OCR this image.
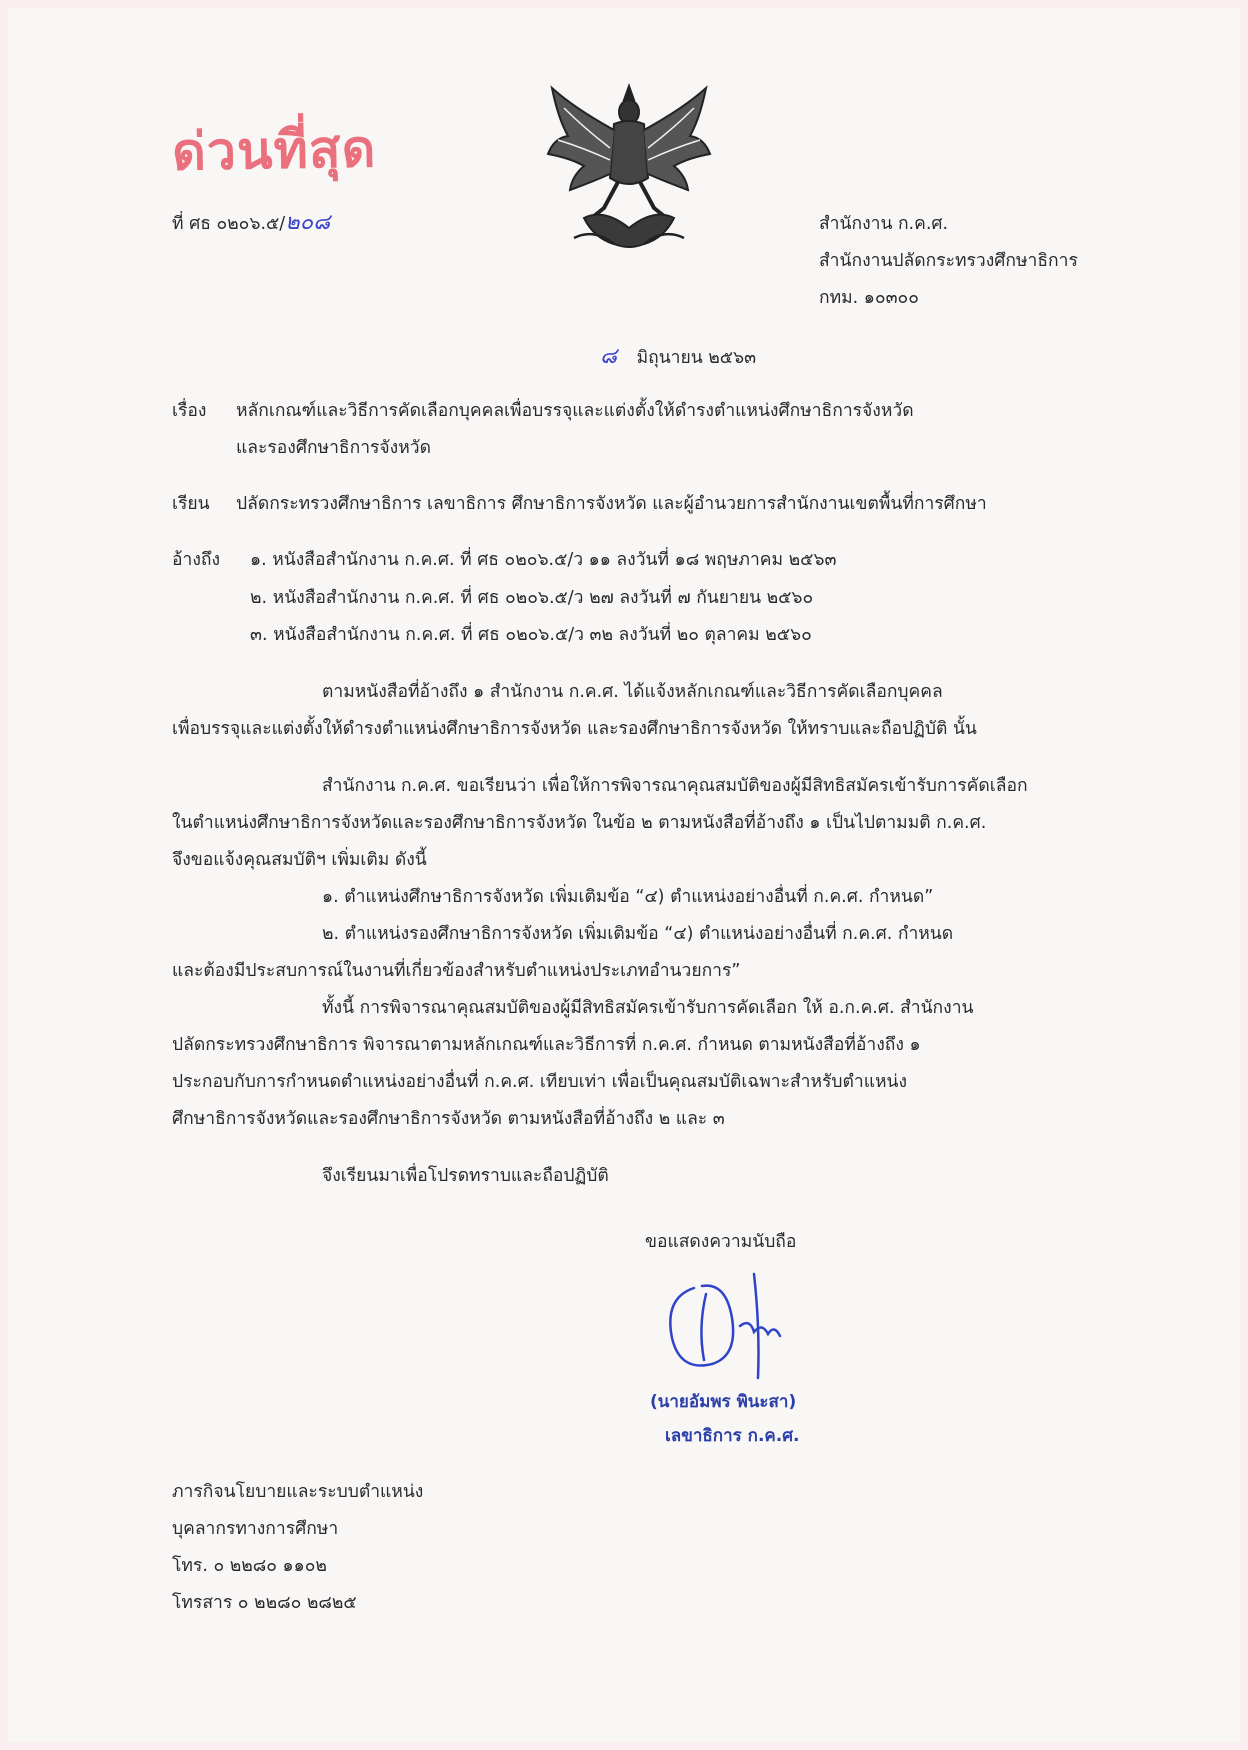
ด่วนที่สุด
ที่ ศธ ๐๒๐๖.๕/๒๐๘	สำนักงาน ก.ค.ศ.
สำนักงานปลัดกระทรวงศึกษาธิการ
กทม. ๑๐๓๐๐
๘ มิถุนายน ๒๕๖๓
เรื่อง หลักเกณฑ์และวิธีการคัดเลือกบุคคลเพื่อบรรจุและแต่งตั้งให้ดำรงตำแหน่งศึกษาธิการจังหวัด
และรองศึกษาธิการจังหวัด
เรียน ปลัดกระทรวงศึกษาธิการ เลขาธิการ ศึกษาธิการจังหวัด และผู้อำนวยการสำนักงานเขตพื้นที่การศึกษา
อ้างถึง ๑. หนังสือสำนักงาน ก.ค.ศ. ที่ ศธ ๐๒๐๖.๕/ว ๑๑ ลงวันที่ ๑๘ พฤษภาคม ๒๕๖๓
๒. หนังสือสำนักงาน ก.ค.ศ. ที่ ศธ ๐๒๐๖.๕/ว ๒๗ ลงวันที่ ๗ กันยายน ๒๕๖๐
๓. หนังสือสำนักงาน ก.ค.ศ. ที่ ศธ ๐๒๐๖.๕/ว ๓๒ ลงวันที่ ๒๐ ตุลาคม ๒๕๖๐
ตามหนังสือที่อ้างถึง ๑ สำนักงาน ก.ค.ศ. ได้แจ้งหลักเกณฑ์และวิธีการคัดเลือกบุคคล
เพื่อบรรจุและแต่งตั้งให้ดำรงตำแหน่งศึกษาธิการจังหวัด และรองศึกษาธิการจังหวัด ให้ทราบและถือปฏิบัติ นั้น
สำนักงาน ก.ค.ศ. ขอเรียนว่า เพื่อให้การพิจารณาคุณสมบัติของผู้มีสิทธิสมัครเข้ารับการคัดเลือก
ในตำแหน่งศึกษาธิการจังหวัดและรองศึกษาธิการจังหวัด ในข้อ ๒ ตามหนังสือที่อ้างถึง ๑ เป็นไปตามมติ ก.ค.ศ.
จึงขอแจ้งคุณสมบัติฯ เพิ่มเติม ดังนี้
๑. ตำแหน่งศึกษาธิการจังหวัด เพิ่มเติมข้อ “๔) ตำแหน่งอย่างอื่นที่ ก.ค.ศ. กำหนด”
๒. ตำแหน่งรองศึกษาธิการจังหวัด เพิ่มเติมข้อ “๔) ตำแหน่งอย่างอื่นที่ ก.ค.ศ. กำหนด
และต้องมีประสบการณ์ในงานที่เกี่ยวข้องสำหรับตำแหน่งประเภทอำนวยการ”
ทั้งนี้ การพิจารณาคุณสมบัติของผู้มีสิทธิสมัครเข้ารับการคัดเลือก ให้ อ.ก.ค.ศ. สำนักงาน
ปลัดกระทรวงศึกษาธิการ พิจารณาตามหลักเกณฑ์และวิธีการที่ ก.ค.ศ. กำหนด ตามหนังสือที่อ้างถึง ๑
ประกอบกับการกำหนดตำแหน่งอย่างอื่นที่ ก.ค.ศ. เทียบเท่า เพื่อเป็นคุณสมบัติเฉพาะสำหรับตำแหน่ง
ศึกษาธิการจังหวัดและรองศึกษาธิการจังหวัด ตามหนังสือที่อ้างถึง ๒ และ ๓
จึงเรียนมาเพื่อโปรดทราบและถือปฏิบัติ
ขอแสดงความนับถือ
(นายอัมพร พินะสา)
เลขาธิการ ก.ค.ศ.
ภารกิจนโยบายและระบบตำแหน่ง
บุคลากรทางการศึกษา
โทร. ๐ ๒๒๘๐ ๑๑๐๒
โทรสาร ๐ ๒๒๘๐ ๒๘๒๕
